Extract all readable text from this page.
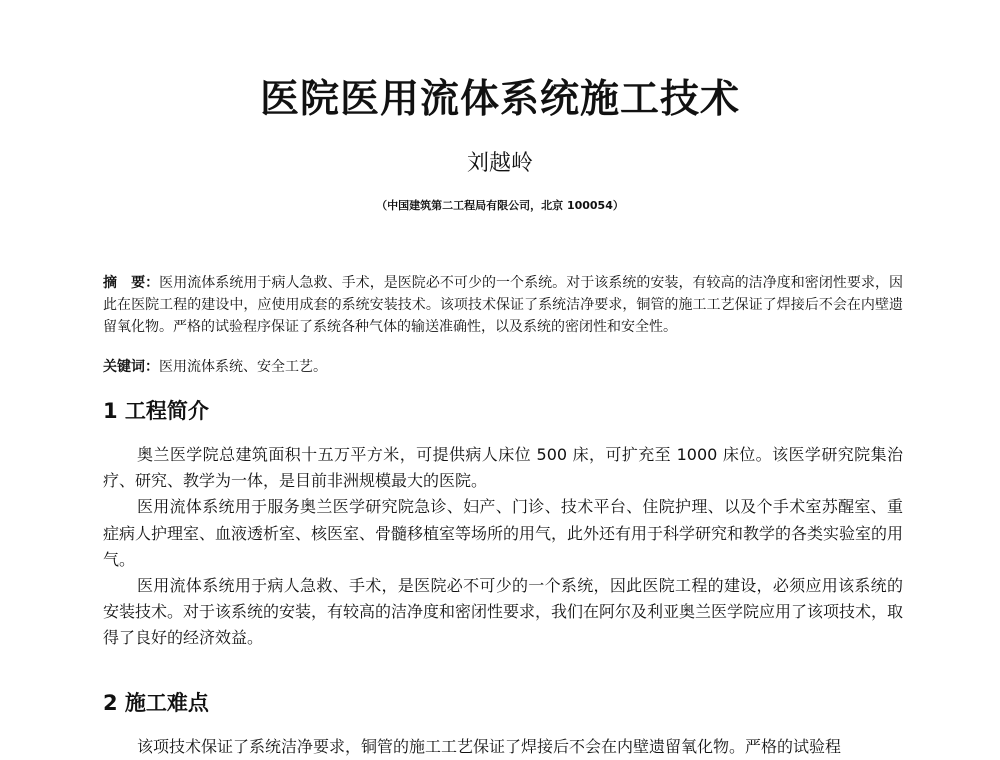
医院医用流体系统施工技术
刘越岭
（中国建筑第二工程局有限公司，北京 100054）
摘　要：医用流体系统用于病人急救、手术，是医院必不可少的一个系统。对于该系统的安装，有较高的洁净度和密闭性要求，因此在医院工程的建设中，应使用成套的系统安装技术。该项技术保证了系统洁净要求，铜管的施工工艺保证了焊接后不会在内壁遗留氧化物。严格的试验程序保证了系统各种气体的输送准确性，以及系统的密闭性和安全性。
关键词：医用流体系统、安全工艺。
1 工程简介

奥兰医学院总建筑面积十五万平方米，可提供病人床位 500 床，可扩充至 1000 床位。该医学研究院集治疗、研究、教学为一体，是目前非洲规模最大的医院。

医用流体系统用于服务奥兰医学研究院急诊、妇产、门诊、技术平台、住院护理、以及个手术室苏醒室、重症病人护理室、血液透析室、核医室、骨髓移植室等场所的用气，此外还有用于科学研究和教学的各类实验室的用气。

医用流体系统用于病人急救、手术，是医院必不可少的一个系统，因此医院工程的建设，必须应用该系统的安装技术。对于该系统的安装，有较高的洁净度和密闭性要求，我们在阿尔及利亚奥兰医学院应用了该项技术，取得了良好的经济效益。

2 施工难点

该项技术保证了系统洁净要求，铜管的施工工艺保证了焊接后不会在内壁遗留氧化物。严格的试验程
